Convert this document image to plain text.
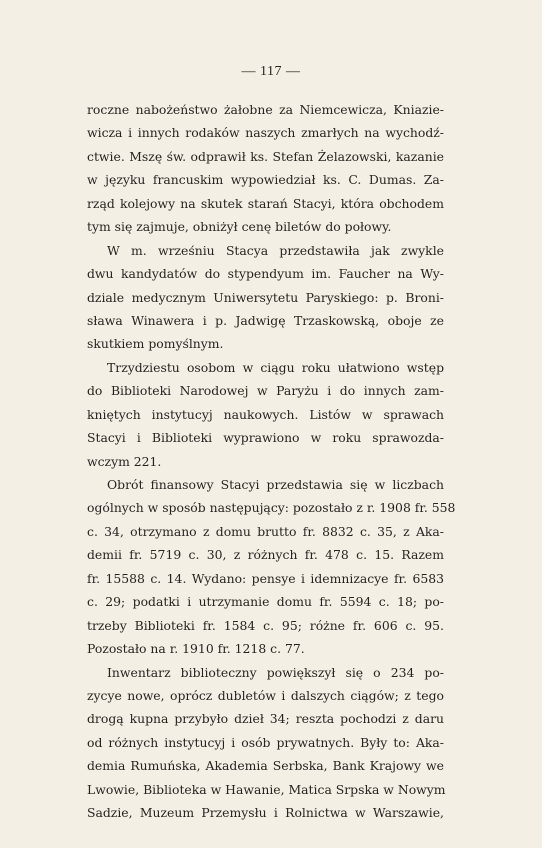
— 117 —
roczne nabożeństwo żałobne za Niemcewicza, Kniazie-
wicza i innych rodaków naszych zmarłych na wychodź-
ctwie. Mszę św. odprawił ks. Stefan Żelazowski, kazanie
w języku francuskim wypowiedział ks. C. Dumas. Za-
rząd kolejowy na skutek starań Stacyi, która obchodem
tym się zajmuje, obniżył cenę biletów do połowy.
W m. wrześniu Stacya przedstawiła jak zwykle
dwu kandydatów do stypendyum im. Faucher na Wy-
dziale medycznym Uniwersytetu Paryskiego: p. Broni-
sława Winawera i p. Jadwigę Trzaskowską, oboje ze
skutkiem pomyślnym.
Trzydziestu osobom w ciągu roku ułatwiono wstęp
do Biblioteki Narodowej w Paryżu i do innych zam-
kniętych instytucyj naukowych. Listów w sprawach
Stacyi i Biblioteki wyprawiono w roku sprawozda-
wczym 221.
Obrót finansowy Stacyi przedstawia się w liczbach
ogólnych w sposób następujący: pozostało z r. 1908 fr. 558
c. 34, otrzymano z domu brutto fr. 8832 c. 35, z Aka-
demii fr. 5719 c. 30, z różnych fr. 478 c. 15. Razem
fr. 15588 c. 14. Wydano: pensye i idemnizacye fr. 6583
c. 29; podatki i utrzymanie domu fr. 5594 c. 18; po-
trzeby Biblioteki fr. 1584 c. 95; różne fr. 606 c. 95.
Pozostało na r. 1910 fr. 1218 c. 77.
Inwentarz biblioteczny powiększył się o 234 po-
zycye nowe, oprócz dubletów i dalszych ciągów; z tego
drogą kupna przybyło dzieł 34; reszta pochodzi z daru
od różnych instytucyj i osób prywatnych. Były to: Aka-
demia Rumuńska, Akademia Serbska, Bank Krajowy we
Lwowie, Biblioteka w Hawanie, Matica Srpska w Nowym
Sadzie, Muzeum Przemysłu i Rolnictwa w Warszawie,
